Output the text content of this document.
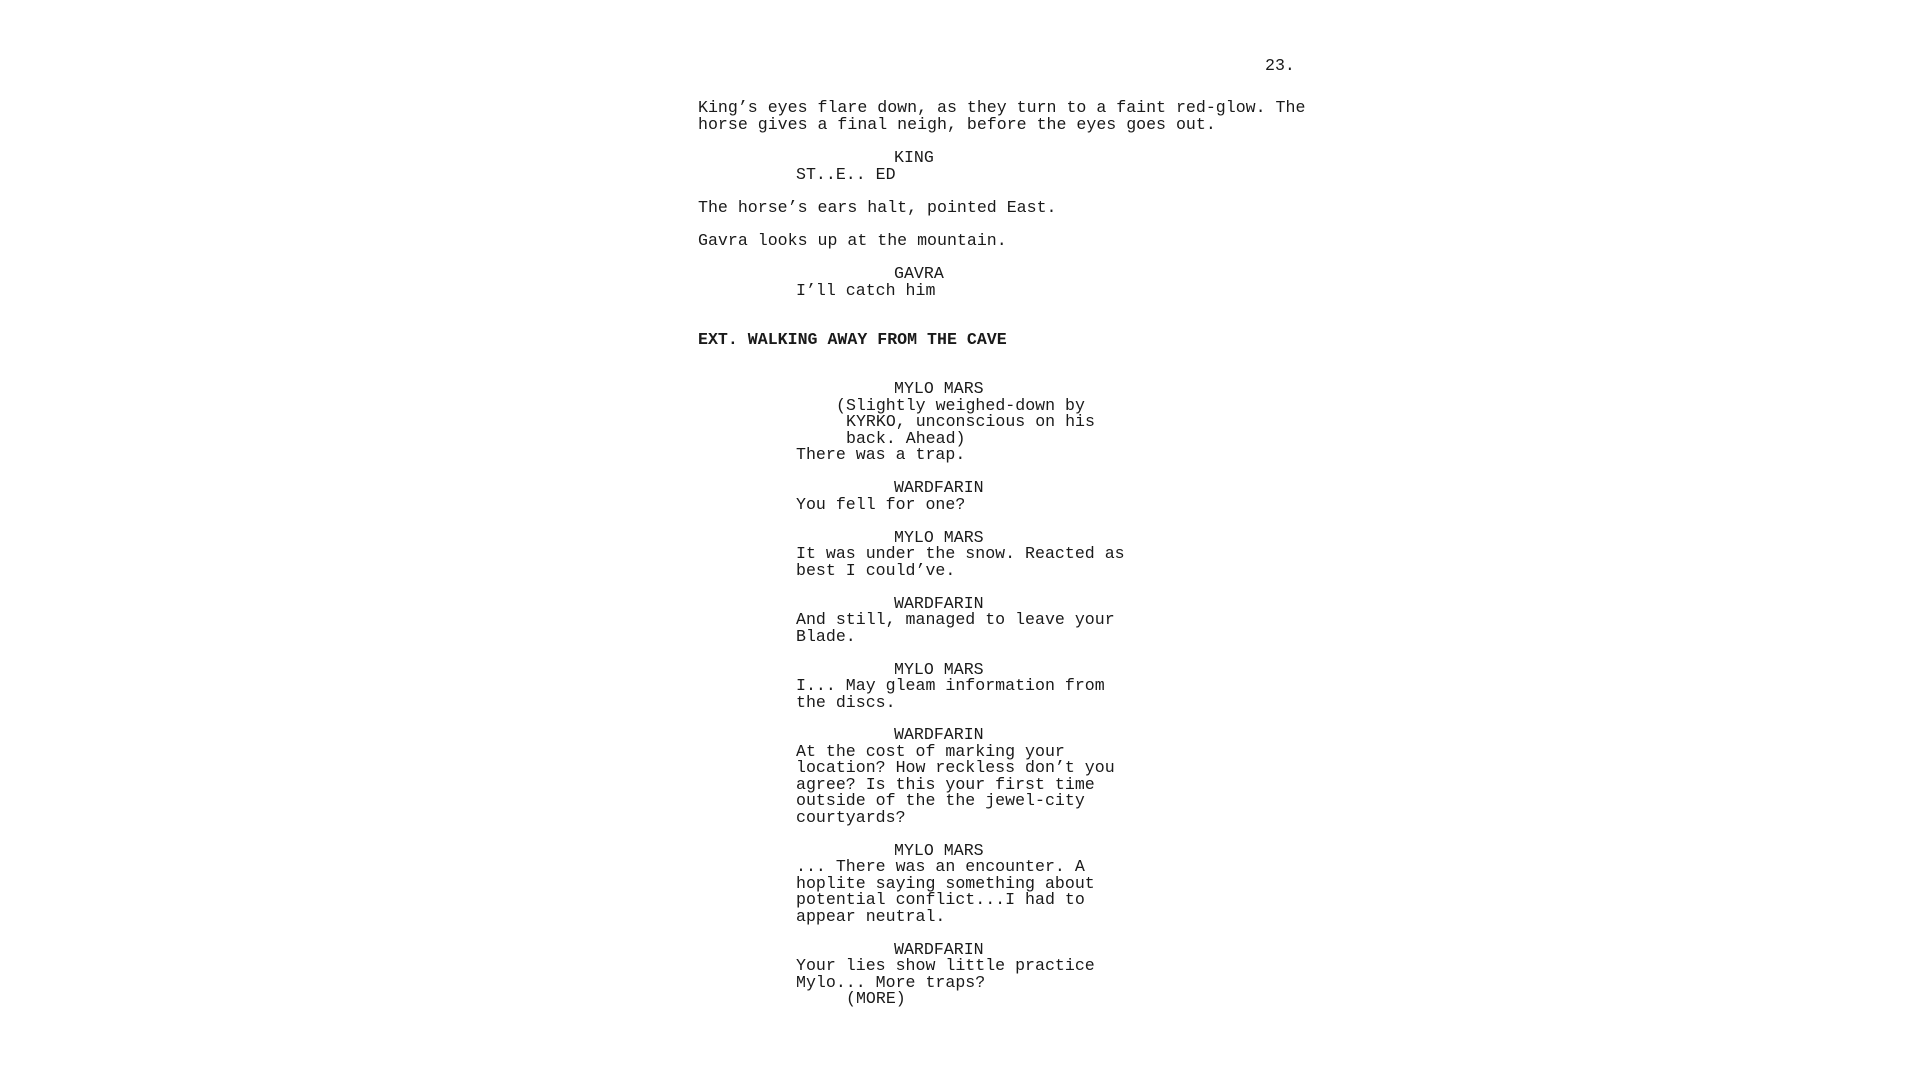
23.
King’s eyes flare down, as they turn to a faint red-glow. The
horse gives a final neigh, before the eyes goes out.
KING
ST..E.. ED
The horse’s ears halt, pointed East.
Gavra looks up at the mountain.
GAVRA
I’ll catch him
EXT. WALKING AWAY FROM THE CAVE
MYLO MARS
(Slightly weighed-down by
KYRKO, unconscious on his
back. Ahead)
There was a trap.
WARDFARIN
You fell for one?
MYLO MARS
It was under the snow. Reacted as
best I could’ve.
WARDFARIN
And still, managed to leave your
Blade.
MYLO MARS
I... May gleam information from
the discs.
WARDFARIN
At the cost of marking your
location? How reckless don’t you
agree? Is this your first time
outside of the the jewel-city
courtyards?
MYLO MARS
... There was an encounter. A
hoplite saying something about
potential conflict...I had to
appear neutral.
WARDFARIN
Your lies show little practice
Mylo... More traps?
(MORE)
